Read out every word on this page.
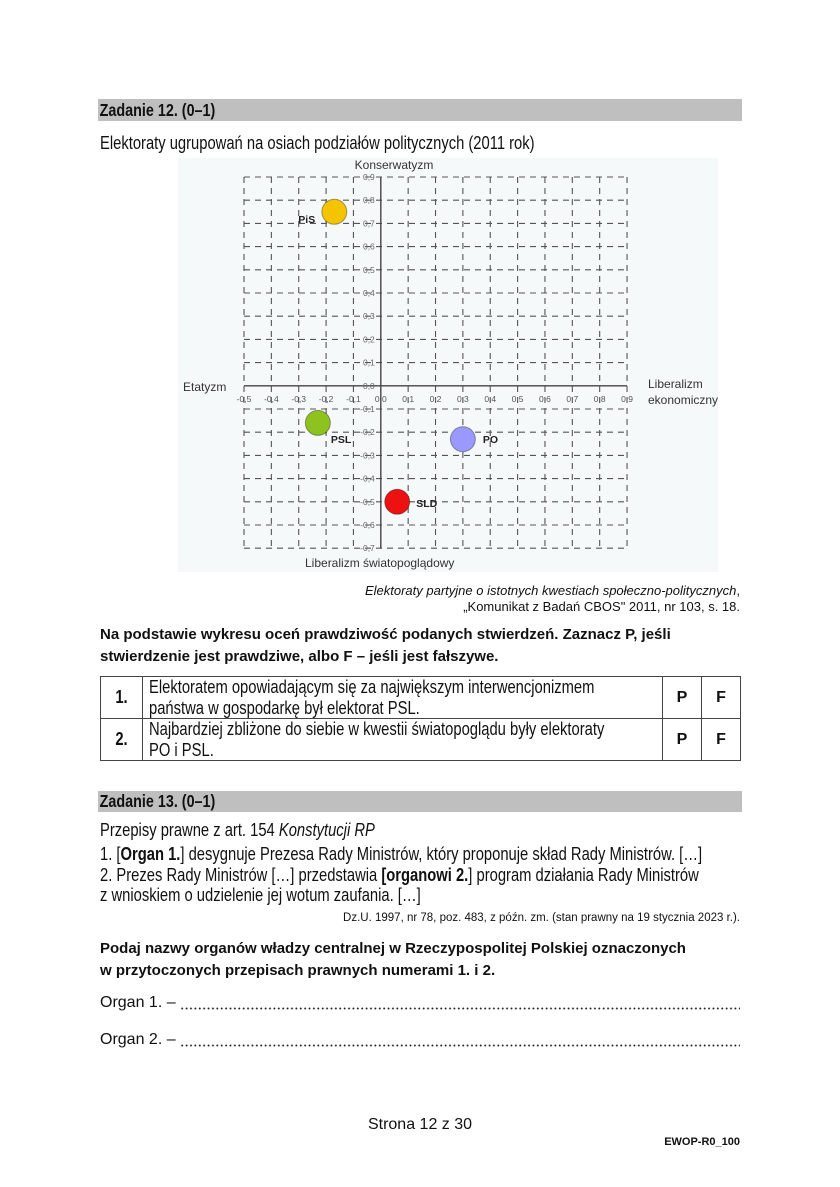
Zadanie 12. (0–1)
Elektoraty ugrupowań na osiach podziałów politycznych (2011 rok)
-0,5 -0,4 -0,3 -0,2 -0,1 0,0 0,1 0,2 0,3 0,4 0,5 0,6 0,7 0,8 0,9
0,9
0,8
0,7
0,6
0,5
0,4
0,3
0,2
0,1
0,0
-0,1
-0,2
-0,3
-0,4
-0,5
-0,6
-0,7
Konserwatyzm
Liberalizm światopoglądowy
Etatyzm	Liberalizm
ekonomiczny
PiS
PSL	PO
SLD
Elektoraty partyjne o istotnych kwestiach społeczno-politycznych,
„Komunikat z Badań CBOS" 2011, nr 103, s. 18.
Na podstawie wykresu oceń prawdziwość podanych stwierdzeń. Zaznacz P, jeśli
stwierdzenie jest prawdziwe, albo F – jeśli jest fałszywe.
1.	Elektoratem opowiadającym się za największym interwencjonizmem
państwa w gospodarkę był elektorat PSL.	P	F
2.	Najbardziej zbliżone do siebie w kwestii światopoglądu były elektoraty
PO i PSL.	P	F
Zadanie 13. (0–1)
Przepisy prawne z art. 154 Konstytucji RP
1. [Organ 1.] desygnuje Prezesa Rady Ministrów, który proponuje skład Rady Ministrów. […]
2. Prezes Rady Ministrów […] przedstawia [organowi 2.] program działania Rady Ministrów
z wnioskiem o udzielenie jej wotum zaufania. […]
Dz.U. 1997, nr 78, poz. 483, z późn. zm. (stan prawny na 19 stycznia 2023 r.).
Podaj nazwy organów władzy centralnej w Rzeczypospolitej Polskiej oznaczonych
w przytoczonych przepisach prawnych numerami 1. i 2.
Organ 1. –
Organ 2. –
Strona 12 z 30
EWOP-R0_100
